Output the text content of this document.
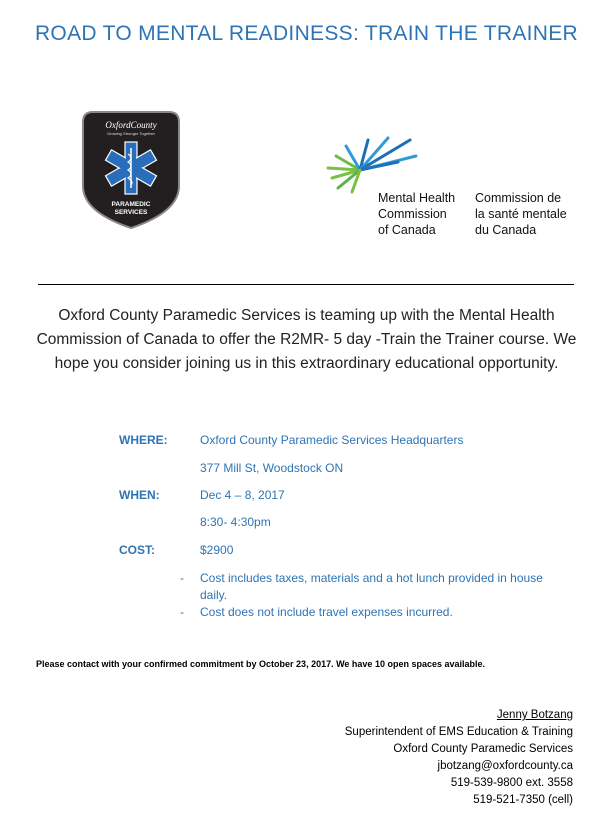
ROAD TO MENTAL READINESS: TRAIN THE TRAINER
OxfordCounty
Growing Stronger Together
PARAMEDIC
SERVICES
Mental Health
Commission
of Canada
Commission de
la santé mentale
du Canada
Oxford County Paramedic Services is teaming up with the Mental Health Commission of Canada to offer the R2MR- 5 day -Train the Trainer course. We hope you consider joining us in this extraordinary educational opportunity.
WHERE:	Oxford County Paramedic Services Headquarters
377 Mill St, Woodstock ON
WHEN:	Dec 4 – 8, 2017
8:30- 4:30pm
COST:	$2900
- Cost includes taxes, materials and a hot lunch provided in house daily.
- Cost does not include travel expenses incurred.
Please contact with your confirmed commitment by October 23, 2017. We have 10 open spaces available.
Jenny Botzang
Superintendent of EMS Education & Training
Oxford County Paramedic Services
jbotzang@oxfordcounty.ca
519-539-9800 ext. 3558
519-521-7350 (cell)
